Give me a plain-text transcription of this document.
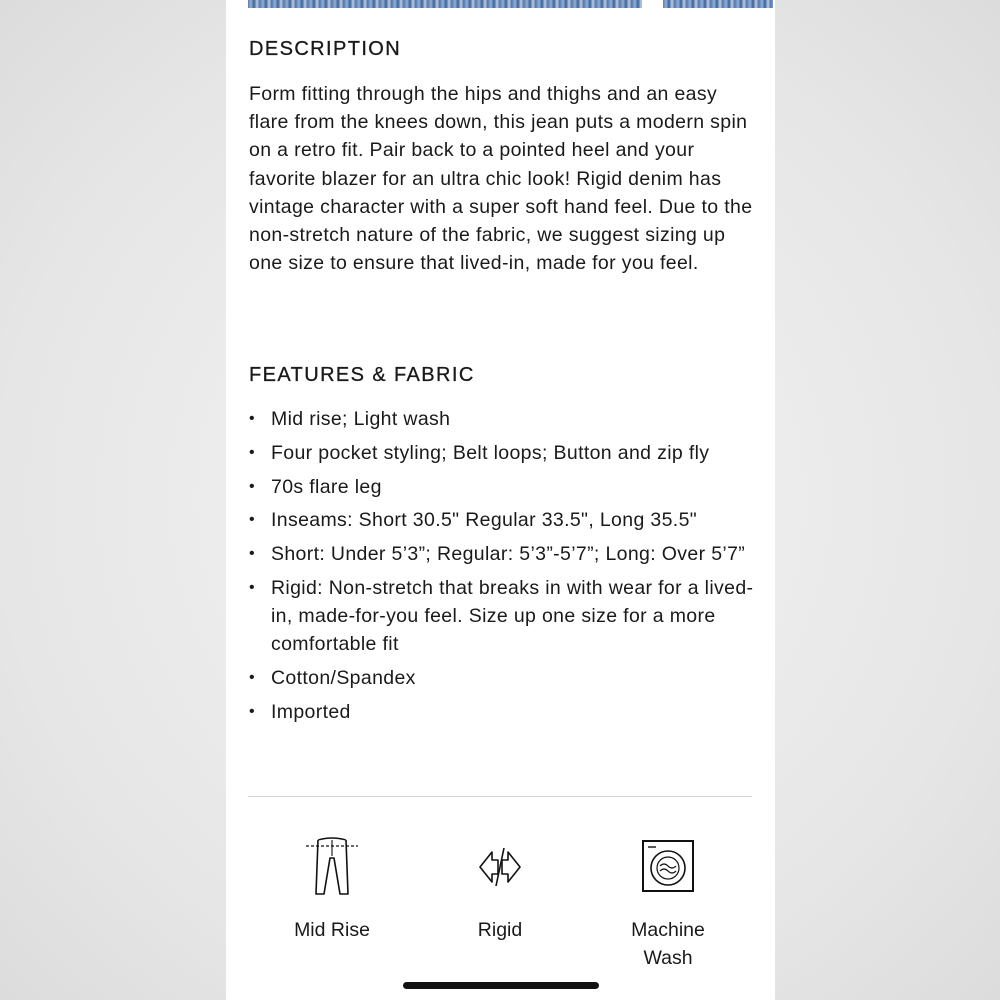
DESCRIPTION

Form fitting through the hips and thighs and an easy flare from the knees down, this jean puts a modern spin on a retro fit. Pair back to a pointed heel and your favorite blazer for an ultra chic look! Rigid denim has vintage character with a super soft hand feel. Due to the non-stretch nature of the fabric, we suggest sizing up one size to ensure that lived-in, made for you feel.

FEATURES & FABRIC
• Mid rise; Light wash
• Four pocket styling; Belt loops; Button and zip fly
• 70s flare leg
• Inseams: Short 30.5" Regular 33.5", Long 35.5"
• Short: Under 5’3”; Regular: 5’3”-5’7”; Long: Over 5’7”
• Rigid: Non-stretch that breaks in with wear for a lived-in, made-for-you feel. Size up one size for a more comfortable fit
• Cotton/Spandex
• Imported
Mid Rise	Rigid	Machine Wash
